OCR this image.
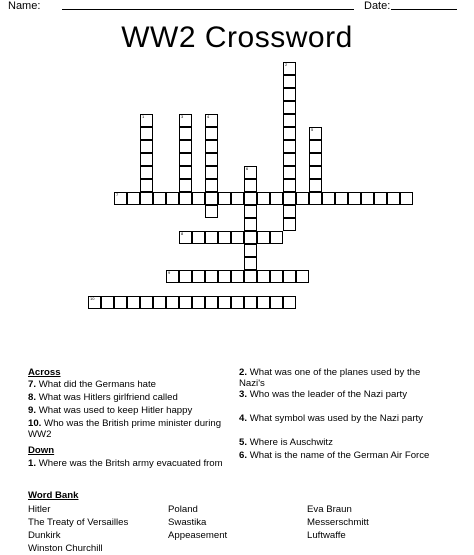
Name:	Date:
WW2 Crossword
1
2
3	4
5
6
7
8
9
10
Across
7. What did the Germans hate
8. What was Hitlers girlfriend called
9. What was used to keep Hitler happy
10. Who was the British prime minister during WW2
Down
1. Where was the Britsh army evacuated from
2. What was one of the planes used by the Nazi's
3. Who was the leader of the Nazi party
4. What symbol was used by the Nazi party
5. Where is Auschwitz
6. What is the name of the German Air Force
Word Bank
Hitler	Poland	Eva Braun
The Treaty of Versailles	Swastika	Messerschmitt
Dunkirk	Appeasement	Luftwaffe
Winston Churchill
